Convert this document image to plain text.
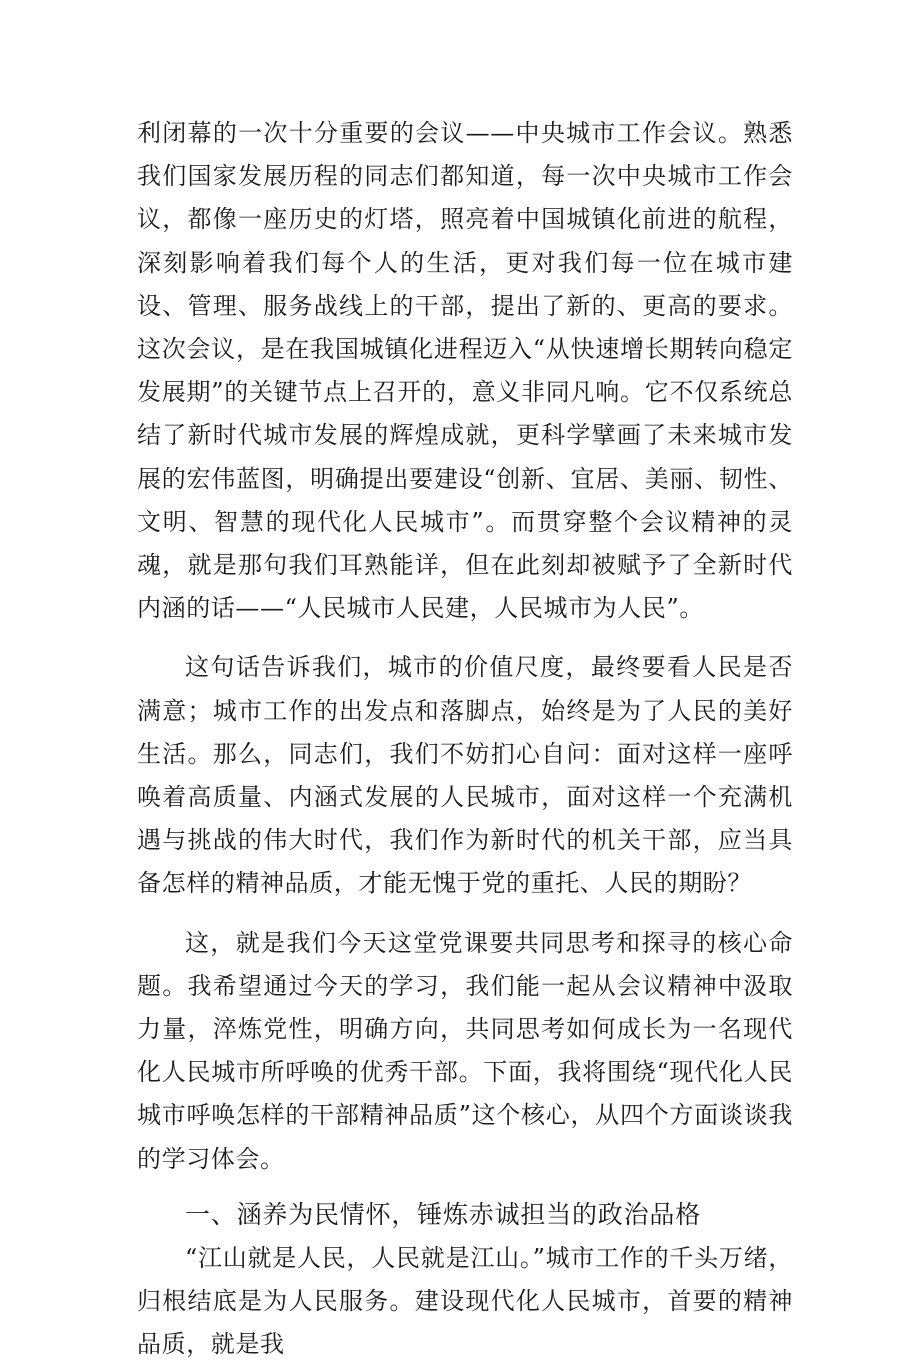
利闭幕的一次十分重要的会议——中央城市工作会议。熟悉我们国家发展历程的同志们都知道，每一次中央城市工作会议，都像一座历史的灯塔，照亮着中国城镇化前进的航程，深刻影响着我们每个人的生活，更对我们每一位在城市建设、管理、服务战线上的干部，提出了新的、更高的要求。这次会议，是在我国城镇化进程迈入“从快速增长期转向稳定发展期”的关键节点上召开的，意义非同凡响。它不仅系统总结了新时代城市发展的辉煌成就，更科学擘画了未来城市发展的宏伟蓝图，明确提出要建设“创新、宜居、美丽、韧性、文明、智慧的现代化人民城市”。而贯穿整个会议精神的灵魂，就是那句我们耳熟能详，但在此刻却被赋予了全新时代内涵的话——“人民城市人民建，人民城市为人民”。

这句话告诉我们，城市的价值尺度，最终要看人民是否满意；城市工作的出发点和落脚点，始终是为了人民的美好生活。那么，同志们，我们不妨扪心自问：面对这样一座呼唤着高质量、内涵式发展的人民城市，面对这样一个充满机遇与挑战的伟大时代，我们作为新时代的机关干部，应当具备怎样的精神品质，才能无愧于党的重托、人民的期盼？

这，就是我们今天这堂党课要共同思考和探寻的核心命题。我希望通过今天的学习，我们能一起从会议精神中汲取力量，淬炼党性，明确方向，共同思考如何成长为一名现代化人民城市所呼唤的优秀干部。下面，我将围绕“现代化人民城市呼唤怎样的干部精神品质”这个核心，从四个方面谈谈我的学习体会。

一、涵养为民情怀，锤炼赤诚担当的政治品格

“江山就是人民，人民就是江山。”城市工作的千头万绪，归根结底是为人民服务。建设现代化人民城市，首要的精神品质，就是我
